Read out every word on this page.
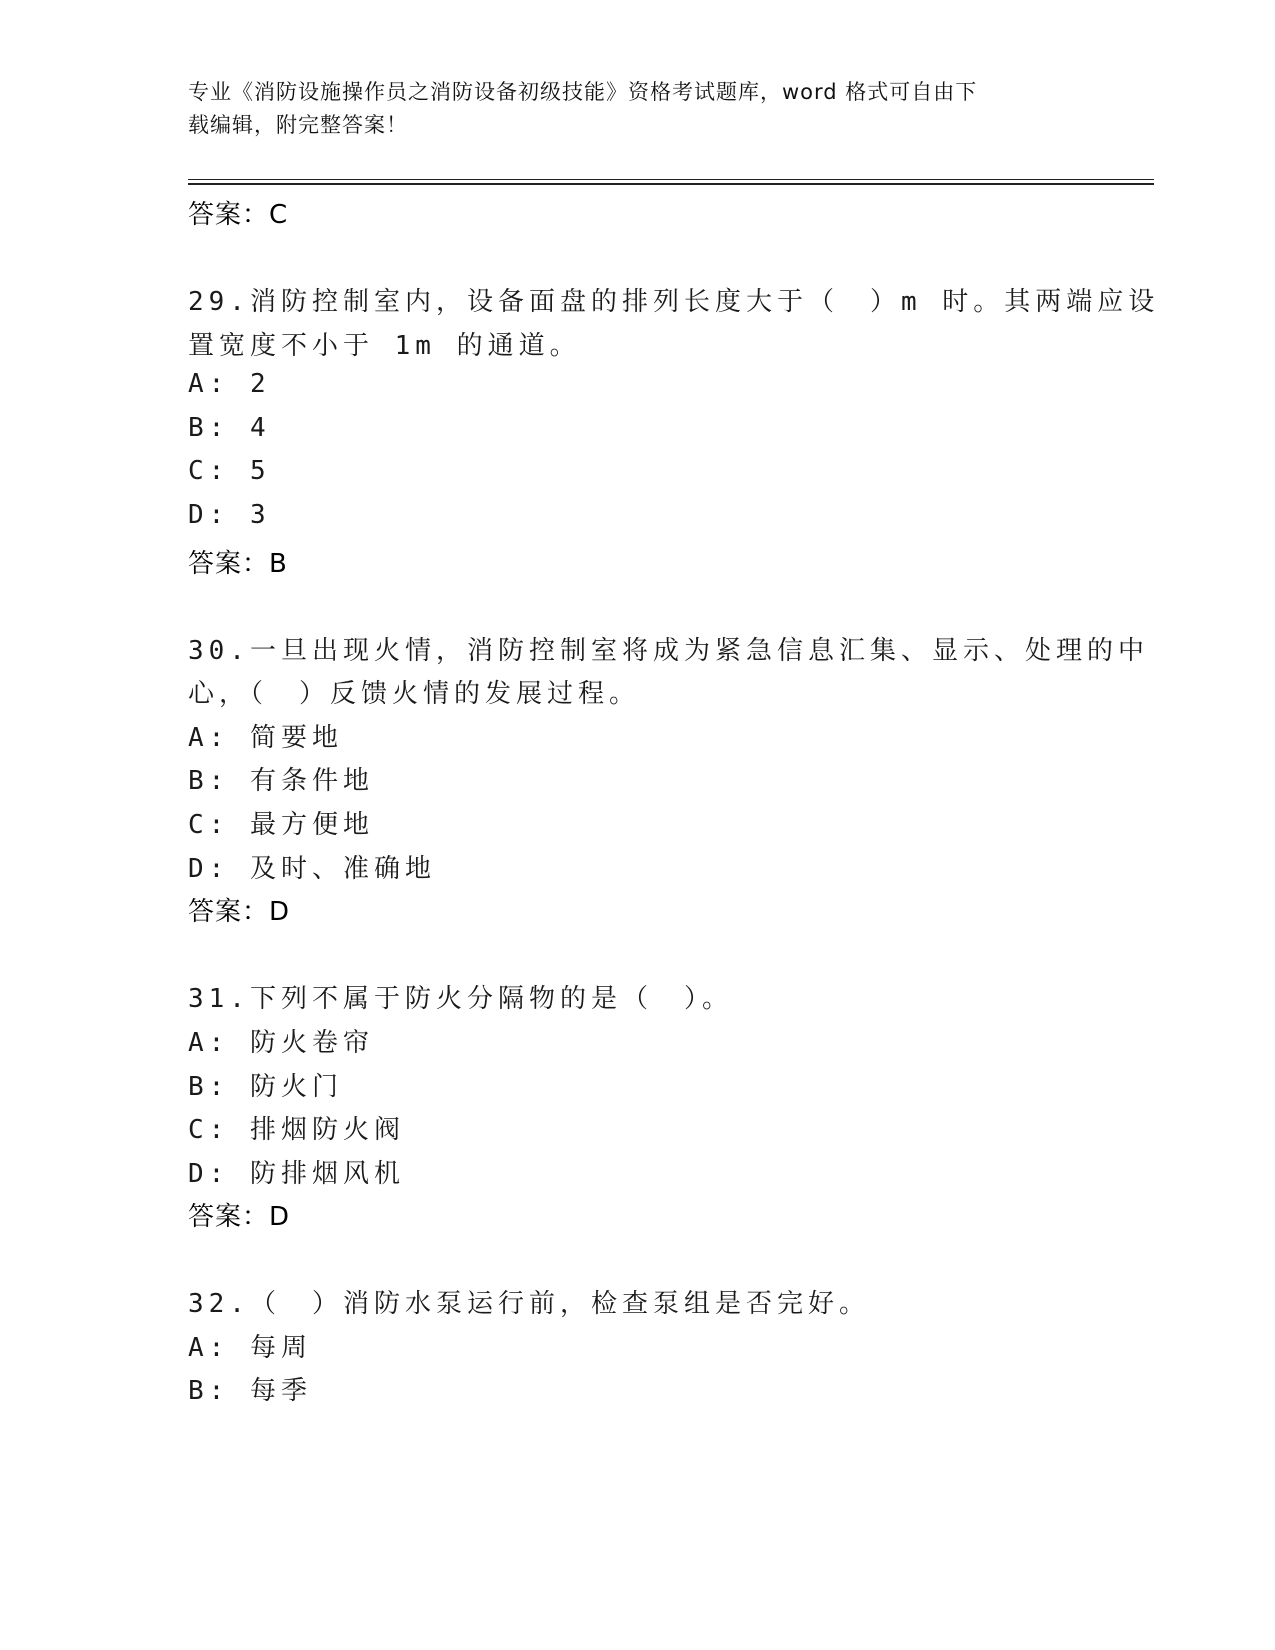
专业《消防设施操作员之消防设备初级技能》资格考试题库，word 格式可自由下
载编辑，附完整答案！
答案：C
29.消防控制室内，设备面盘的排列长度大于（　）m 时。其两端应设
置宽度不小于 1m 的通道。
A: 2
B: 4
C: 5
D: 3
答案：B
30.一旦出现火情，消防控制室将成为紧急信息汇集、显示、处理的中
心，（　）反馈火情的发展过程。
A: 简要地
B: 有条件地
C: 最方便地
D: 及时、准确地
答案：D
31.下列不属于防火分隔物的是（　）。
A: 防火卷帘
B: 防火门
C: 排烟防火阀
D: 防排烟风机
答案：D
32.（　）消防水泵运行前，检查泵组是否完好。
A: 每周
B: 每季
